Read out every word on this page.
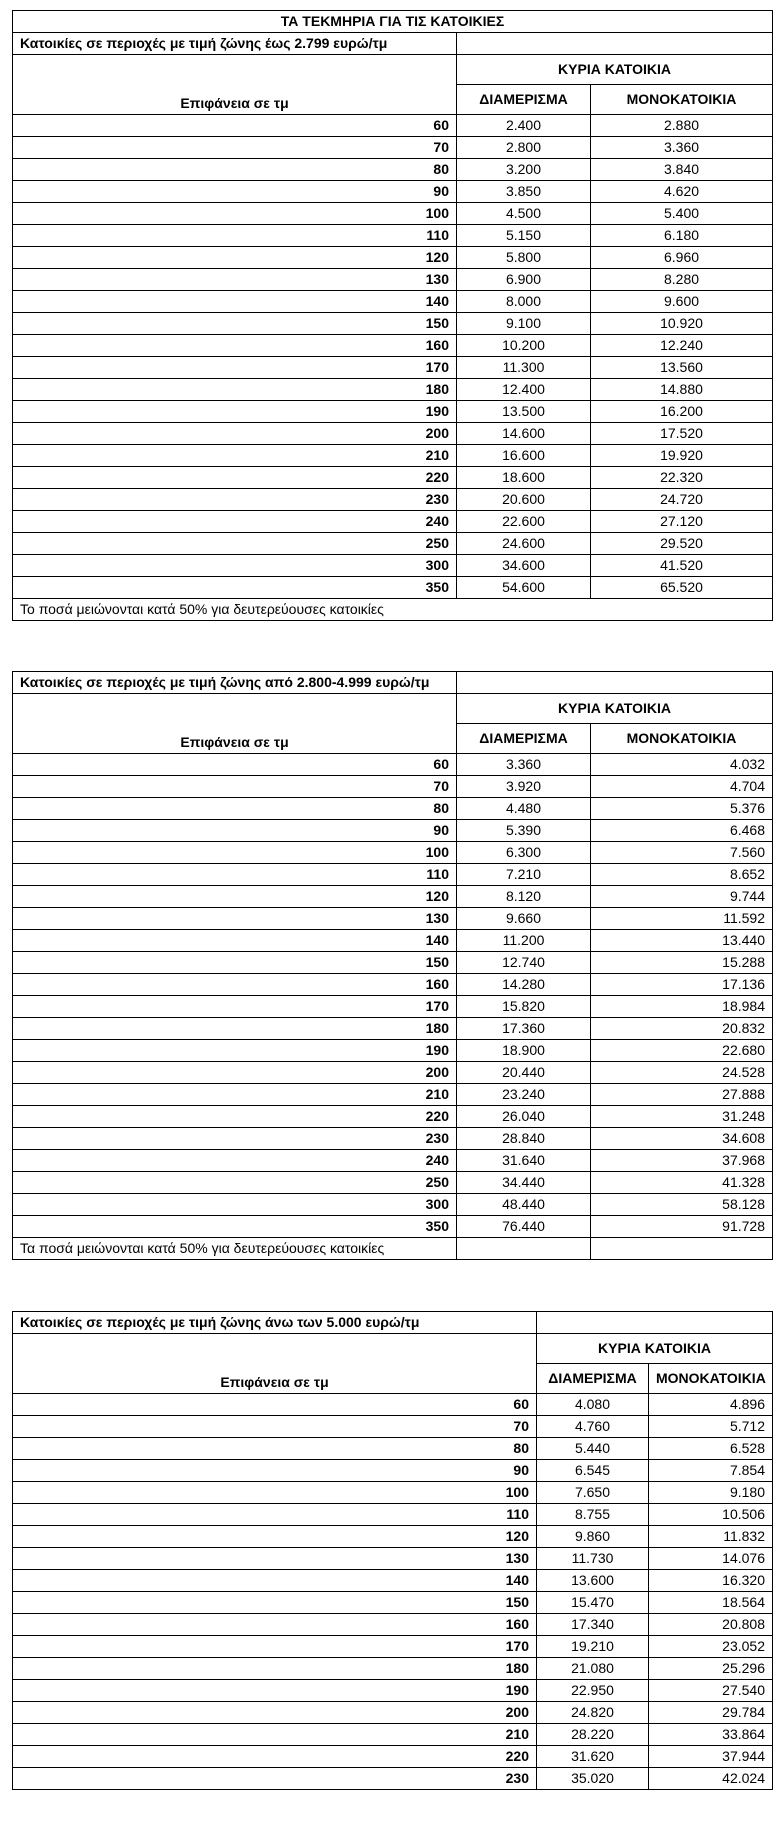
ΤΑ ΤΕΚΜΗΡΙΑ ΓΙΑ ΤΙΣ ΚΑΤΟΙΚΙΕΣ		
Κατοικίες σε περιοχές με τιμή ζώνης έως 2.799 ευρώ/τμ		
Επιφάνεια σε τμ	ΚΥΡΙΑ ΚΑΤΟΙΚΙΑ	
	ΔΙΑΜΕΡΙΣΜΑ	ΜΟΝΟΚΑΤΟΙΚΙΑ
60	2.400	2.880
70	2.800	3.360
80	3.200	3.840
90	3.850	4.620
100	4.500	5.400
110	5.150	6.180
120	5.800	6.960
130	6.900	8.280
140	8.000	9.600
150	9.100	10.920
160	10.200	12.240
170	11.300	13.560
180	12.400	14.880
190	13.500	16.200
200	14.600	17.520
210	16.600	19.920
220	18.600	22.320
230	20.600	24.720
240	22.600	27.120
250	24.600	29.520
300	34.600	41.520
350	54.600	65.520
Το ποσά μειώνονται κατά 50% για δευτερεύουσες κατοικίες		
Κατοικίες σε περιοχές με τιμή ζώνης από 2.800-4.999 ευρώ/τμ		
Επιφάνεια σε τμ	ΚΥΡΙΑ ΚΑΤΟΙΚΙΑ	
	ΔΙΑΜΕΡΙΣΜΑ	ΜΟΝΟΚΑΤΟΙΚΙΑ
60	3.360	4.032
70	3.920	4.704
80	4.480	5.376
90	5.390	6.468
100	6.300	7.560
110	7.210	8.652
120	8.120	9.744
130	9.660	11.592
140	11.200	13.440
150	12.740	15.288
160	14.280	17.136
170	15.820	18.984
180	17.360	20.832
190	18.900	22.680
200	20.440	24.528
210	23.240	27.888
220	26.040	31.248
230	28.840	34.608
240	31.640	37.968
250	34.440	41.328
300	48.440	58.128
350	76.440	91.728
Τα ποσά μειώνονται κατά 50% για δευτερεύουσες κατοικίες		
Κατοικίες σε περιοχές με τιμή ζώνης άνω των 5.000 ευρώ/τμ		
Επιφάνεια σε τμ	ΚΥΡΙΑ ΚΑΤΟΙΚΙΑ	
	ΔΙΑΜΕΡΙΣΜΑ	ΜΟΝΟΚΑΤΟΙΚΙΑ
60	4.080	4.896
70	4.760	5.712
80	5.440	6.528
90	6.545	7.854
100	7.650	9.180
110	8.755	10.506
120	9.860	11.832
130	11.730	14.076
140	13.600	16.320
150	15.470	18.564
160	17.340	20.808
170	19.210	23.052
180	21.080	25.296
190	22.950	27.540
200	24.820	29.784
210	28.220	33.864
220	31.620	37.944
230	35.020	42.024
